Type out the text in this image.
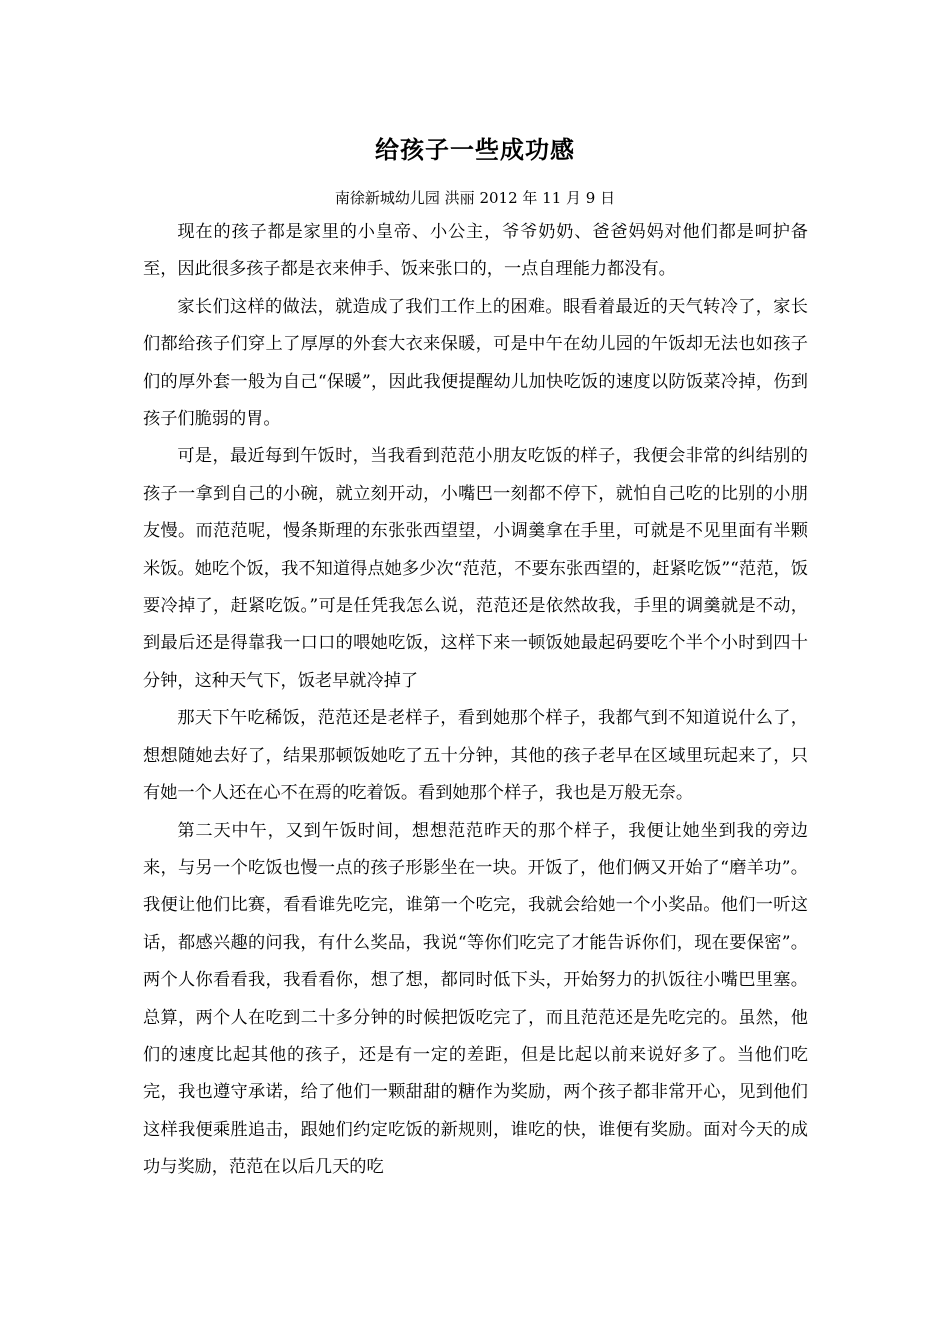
给孩子一些成功感
南徐新城幼儿园 洪丽 2012 年 11 月 9 日

现在的孩子都是家里的小皇帝、小公主，爷爷奶奶、爸爸妈妈对他们都是呵护备至，因此很多孩子都是衣来伸手、饭来张口的，一点自理能力都没有。

家长们这样的做法，就造成了我们工作上的困难。眼看着最近的天气转冷了，家长们都给孩子们穿上了厚厚的外套大衣来保暖，可是中午在幼儿园的午饭却无法也如孩子们的厚外套一般为自己“保暖”，因此我便提醒幼儿加快吃饭的速度以防饭菜冷掉，伤到孩子们脆弱的胃。

可是，最近每到午饭时，当我看到范范小朋友吃饭的样子，我便会非常的纠结别的孩子一拿到自己的小碗，就立刻开动，小嘴巴一刻都不停下，就怕自己吃的比别的小朋友慢。而范范呢，慢条斯理的东张张西望望，小调羹拿在手里，可就是不见里面有半颗米饭。她吃个饭，我不知道得点她多少次“范范，不要东张西望的，赶紧吃饭”“范范，饭要冷掉了，赶紧吃饭。”可是任凭我怎么说，范范还是依然故我，手里的调羹就是不动，到最后还是得靠我一口口的喂她吃饭，这样下来一顿饭她最起码要吃个半个小时到四十分钟，这种天气下，饭老早就冷掉了

那天下午吃稀饭，范范还是老样子，看到她那个样子，我都气到不知道说什么了，想想随她去好了，结果那顿饭她吃了五十分钟，其他的孩子老早在区域里玩起来了，只有她一个人还在心不在焉的吃着饭。看到她那个样子，我也是万般无奈。

第二天中午，又到午饭时间，想想范范昨天的那个样子，我便让她坐到我的旁边来，与另一个吃饭也慢一点的孩子形影坐在一块。开饭了，他们俩又开始了“磨羊功”。我便让他们比赛，看看谁先吃完，谁第一个吃完，我就会给她一个小奖品。他们一听这话，都感兴趣的问我，有什么奖品，我说“等你们吃完了才能告诉你们，现在要保密”。两个人你看看我，我看看你，想了想，都同时低下头，开始努力的扒饭往小嘴巴里塞。总算，两个人在吃到二十多分钟的时候把饭吃完了，而且范范还是先吃完的。虽然，他们的速度比起其他的孩子，还是有一定的差距，但是比起以前来说好多了。当他们吃完，我也遵守承诺，给了他们一颗甜甜的糖作为奖励，两个孩子都非常开心，见到他们这样我便乘胜追击，跟她们约定吃饭的新规则，谁吃的快，谁便有奖励。面对今天的成功与奖励，范范在以后几天的吃
